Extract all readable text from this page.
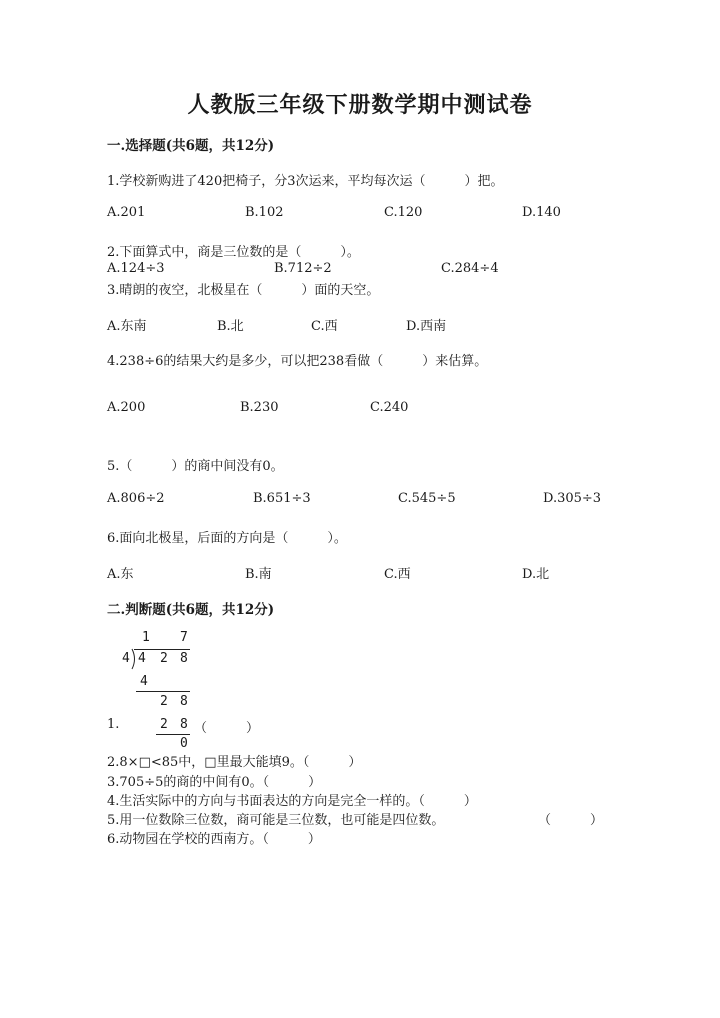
人教版三年级下册数学期中测试卷
一.选择题(共6题，共12分)
1.学校新购进了420把椅子，分3次运来，平均每次运（　　　）把。
A.201	B.102	C.120	D.140
2.下面算式中，商是三位数的是（　　　）。
A.124÷3	B.712÷2	C.284÷4
3.晴朗的夜空，北极星在（　　　）面的天空。
A.东南	B.北	C.西	D.西南
4.238÷6的结果大约是多少，可以把238看做（　　　）来估算。
A.200	B.230	C.240
5.（　　　）的商中间没有0。
A.806÷2	B.651÷3	C.545÷5	D.305÷3
6.面向北极星，后面的方向是（　　　）。
A.东	B.南	C.西	D.北
二.判断题(共6题，共12分)
1 7
4 4 2 8
4
2 8
2 8
0
1.	（　　　）
2.8×□<85中，□里最大能填9。（　　　）
3.705÷5的商的中间有0。（　　　）
4.生活实际中的方向与书面表达的方向是完全一样的。（　　　）
5.用一位数除三位数，商可能是三位数，也可能是四位数。	（　　　）
6.动物园在学校的西南方。（　　　）
